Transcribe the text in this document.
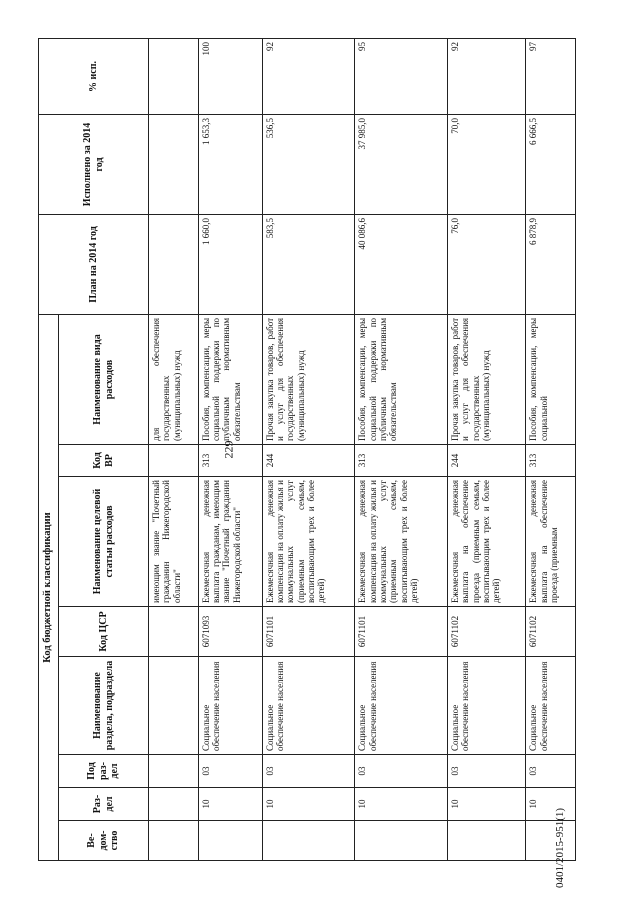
229
0401/2015-951(1)
Код бюджетной классификации								План на 2014 год	Исполнено за 2014 год	% исп.
Ве-дом-ство	Раз-дел	Под раз-дел	Наименование раздела, подраздела	Код ЦСР	Наименование целевой статьи расходов	Код ВР	Наименование вида расходов			
					имеющим звание "Почетный гражданин Нижегородской области"		для обеспечения государственных (муниципальных) нужд			
	10	03	Социальное обеспечение населения	6071093	Ежемесячная денежная выплата гражданам, имеющим звание "Почетный гражданин Нижегородской области"	313	Пособия, компенсации, меры социальной поддержки по публичным нормативным обязательствам	1 660,0	1 653,3	100
	10	03	Социальное обеспечение населения	6071101	Ежемесячная денежная компенсация на оплату жилья и коммунальных услуг (приемным семьям, воспитывающим трех и более детей)	244	Прочая закупка товаров, работ и услуг для обеспечения государственных (муниципальных) нужд	583,5	536,5	92
	10	03	Социальное обеспечение населения	6071101	Ежемесячная денежная компенсация на оплату жилья и коммунальных услуг (приемным семьям, воспитывающим трех и более детей)	313	Пособия, компенсации, меры социальной поддержки по публичным нормативным обязательствам	40 086,6	37 985,0	95
	10	03	Социальное обеспечение населения	6071102	Ежемесячная денежная выплата на обеспечение проезда (приемным семьям, воспитывающим трех и более детей)	244	Прочая закупка товаров, работ и услуг для обеспечения государственных (муниципальных) нужд	76,0	70,0	92
	10	03	Социальное обеспечение населения	6071102	Ежемесячная денежная выплата на обеспечение проезда (приемным	313	Пособия, компенсации, меры социальной	6 878,9	6 666,5	97
